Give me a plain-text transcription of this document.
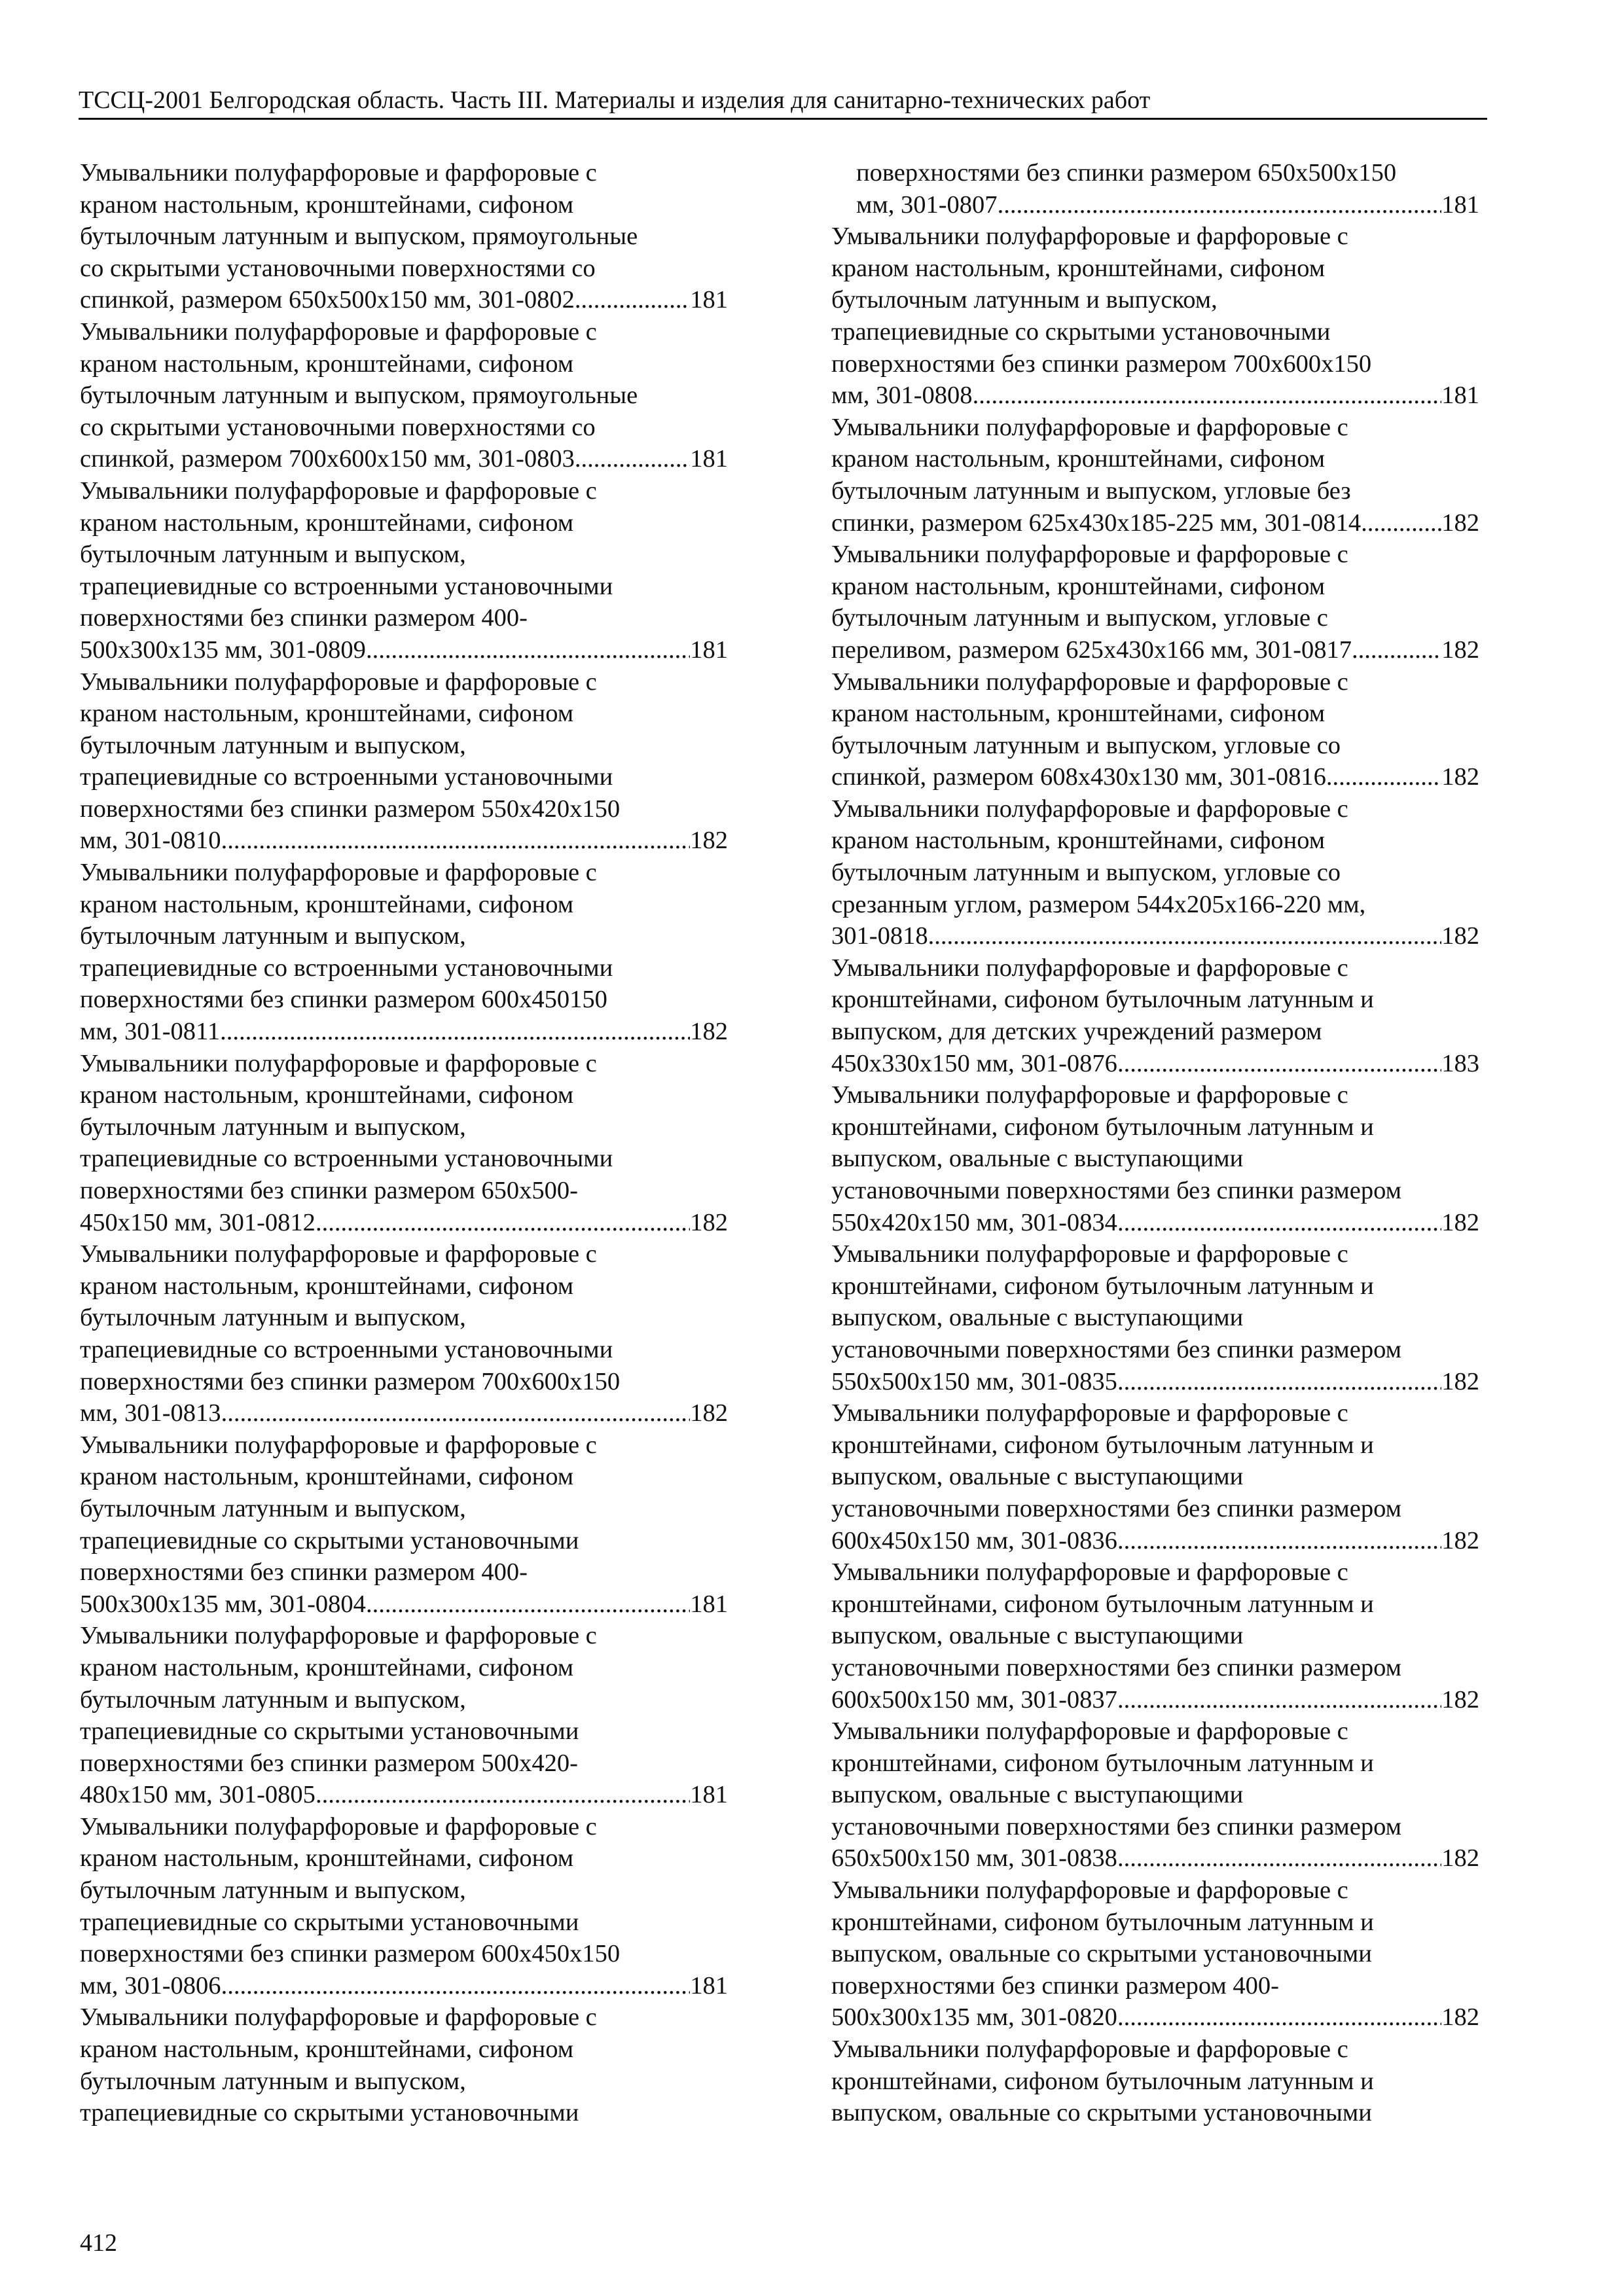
ТССЦ-2001 Белгородская область. Часть III. Материалы и изделия для санитарно-технических работ
Умывальники полуфарфоровые и фарфоровые с
краном настольным, кронштейнами, сифоном
бутылочным латунным и выпуском, прямоугольные
со скрытыми установочными поверхностями со
спинкой, размером 650х500х150 мм, 301-0802 .....	181
Умывальники полуфарфоровые и фарфоровые с
краном настольным, кронштейнами, сифоном
бутылочным латунным и выпуском, прямоугольные
со скрытыми установочными поверхностями со
спинкой, размером 700х600х150 мм, 301-0803 .....	181
Умывальники полуфарфоровые и фарфоровые с
краном настольным, кронштейнами, сифоном
бутылочным латунным и выпуском,
трапециевидные со встроенными установочными
поверхностями без спинки размером 400-
500х300х135 мм, 301-0809 .....	181
Умывальники полуфарфоровые и фарфоровые с
краном настольным, кронштейнами, сифоном
бутылочным латунным и выпуском,
трапециевидные со встроенными установочными
поверхностями без спинки размером 550х420х150
мм, 301-0810 .....	182
Умывальники полуфарфоровые и фарфоровые с
краном настольным, кронштейнами, сифоном
бутылочным латунным и выпуском,
трапециевидные со встроенными установочными
поверхностями без спинки размером 600х450150
мм, 301-0811 .....	182
Умывальники полуфарфоровые и фарфоровые с
краном настольным, кронштейнами, сифоном
бутылочным латунным и выпуском,
трапециевидные со встроенными установочными
поверхностями без спинки размером 650х500-
450х150 мм, 301-0812 .....	182
Умывальники полуфарфоровые и фарфоровые с
краном настольным, кронштейнами, сифоном
бутылочным латунным и выпуском,
трапециевидные со встроенными установочными
поверхностями без спинки размером 700х600х150
мм, 301-0813 .....	182
Умывальники полуфарфоровые и фарфоровые с
краном настольным, кронштейнами, сифоном
бутылочным латунным и выпуском,
трапециевидные со скрытыми установочными
поверхностями без спинки размером 400-
500х300х135 мм, 301-0804 .....	181
Умывальники полуфарфоровые и фарфоровые с
краном настольным, кронштейнами, сифоном
бутылочным латунным и выпуском,
трапециевидные со скрытыми установочными
поверхностями без спинки размером 500х420-
480х150 мм, 301-0805 .....	181
Умывальники полуфарфоровые и фарфоровые с
краном настольным, кронштейнами, сифоном
бутылочным латунным и выпуском,
трапециевидные со скрытыми установочными
поверхностями без спинки размером 600х450х150
мм, 301-0806 .....	181
Умывальники полуфарфоровые и фарфоровые с
краном настольным, кронштейнами, сифоном
бутылочным латунным и выпуском,
трапециевидные со скрытыми установочными
поверхностями без спинки размером 650х500х150
мм, 301-0807 .....	181
Умывальники полуфарфоровые и фарфоровые с
краном настольным, кронштейнами, сифоном
бутылочным латунным и выпуском,
трапециевидные со скрытыми установочными
поверхностями без спинки размером 700х600х150
мм, 301-0808 .....	181
Умывальники полуфарфоровые и фарфоровые с
краном настольным, кронштейнами, сифоном
бутылочным латунным и выпуском, угловые без
спинки, размером 625х430х185-225 мм, 301-0814 .....	182
Умывальники полуфарфоровые и фарфоровые с
краном настольным, кронштейнами, сифоном
бутылочным латунным и выпуском, угловые с
переливом, размером 625х430х166 мм, 301-0817. .....	182
Умывальники полуфарфоровые и фарфоровые с
краном настольным, кронштейнами, сифоном
бутылочным латунным и выпуском, угловые со
спинкой, размером 608х430х130 мм, 301-0816 .....	182
Умывальники полуфарфоровые и фарфоровые с
краном настольным, кронштейнами, сифоном
бутылочным латунным и выпуском, угловые со
срезанным углом, размером 544х205х166-220 мм,
301-0818 .....	182
Умывальники полуфарфоровые и фарфоровые с
кронштейнами, сифоном бутылочным латунным и
выпуском, для детских учреждений размером
450х330х150 мм, 301-0876 .....	183
Умывальники полуфарфоровые и фарфоровые с
кронштейнами, сифоном бутылочным латунным и
выпуском, овальные с выступающими
установочными поверхностями без спинки размером
550х420х150 мм, 301-0834 .....	182
Умывальники полуфарфоровые и фарфоровые с
кронштейнами, сифоном бутылочным латунным и
выпуском, овальные с выступающими
установочными поверхностями без спинки размером
550х500х150 мм, 301-0835 .....	182
Умывальники полуфарфоровые и фарфоровые с
кронштейнами, сифоном бутылочным латунным и
выпуском, овальные с выступающими
установочными поверхностями без спинки размером
600х450х150 мм, 301-0836 .....	182
Умывальники полуфарфоровые и фарфоровые с
кронштейнами, сифоном бутылочным латунным и
выпуском, овальные с выступающими
установочными поверхностями без спинки размером
600х500х150 мм, 301-0837 .....	182
Умывальники полуфарфоровые и фарфоровые с
кронштейнами, сифоном бутылочным латунным и
выпуском, овальные с выступающими
установочными поверхностями без спинки размером
650х500х150 мм, 301-0838 .....	182
Умывальники полуфарфоровые и фарфоровые с
кронштейнами, сифоном бутылочным латунным и
выпуском, овальные со скрытыми установочными
поверхностями без спинки размером 400-
500х300х135 мм, 301-0820 .....	182
Умывальники полуфарфоровые и фарфоровые с
кронштейнами, сифоном бутылочным латунным и
выпуском, овальные со скрытыми установочными
412
